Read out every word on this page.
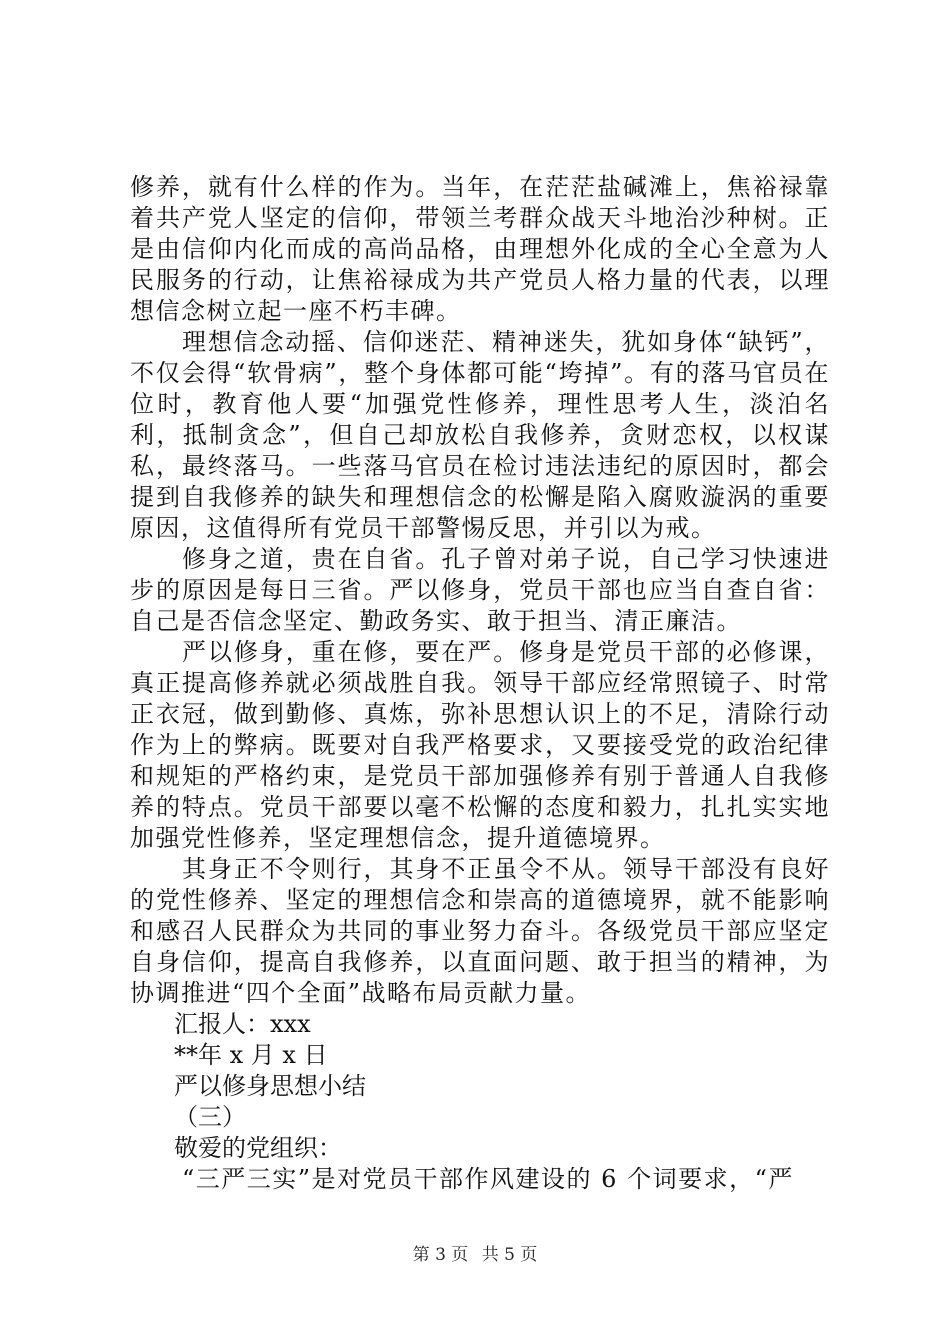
修养，就有什么样的作为。当年，在茫茫盐碱滩上，焦裕禄靠着共产党人坚定的信仰，带领兰考群众战天斗地治沙种树。正是由信仰内化而成的高尚品格，由理想外化成的全心全意为人民服务的行动，让焦裕禄成为共产党员人格力量的代表，以理想信念树立起一座不朽丰碑。

理想信念动摇、信仰迷茫、精神迷失，犹如身体“缺钙”，不仅会得“软骨病”，整个身体都可能“垮掉”。有的落马官员在位时，教育他人要“加强党性修养，理性思考人生，淡泊名利，抵制贪念”，但自己却放松自我修养，贪财恋权，以权谋私，最终落马。一些落马官员在检讨违法违纪的原因时，都会提到自我修养的缺失和理想信念的松懈是陷入腐败漩涡的重要原因，这值得所有党员干部警惕反思，并引以为戒。

修身之道，贵在自省。孔子曾对弟子说，自己学习快速进步的原因是每日三省。严以修身，党员干部也应当自查自省：自己是否信念坚定、勤政务实、敢于担当、清正廉洁。

严以修身，重在修，要在严。修身是党员干部的必修课，真正提高修养就必须战胜自我。领导干部应经常照镜子、时常正衣冠，做到勤修、真炼，弥补思想认识上的不足，清除行动作为上的弊病。既要对自我严格要求，又要接受党的政治纪律和规矩的严格约束，是党员干部加强修养有别于普通人自我修养的特点。党员干部要以毫不松懈的态度和毅力，扎扎实实地加强党性修养，坚定理想信念，提升道德境界。

其身正不令则行，其身不正虽令不从。领导干部没有良好的党性修养、坚定的理想信念和崇高的道德境界，就不能影响和感召人民群众为共同的事业努力奋斗。各级党员干部应坚定自身信仰，提高自我修养，以直面问题、敢于担当的精神，为协调推进“四个全面”战略布局贡献力量。

汇报人：xxx

**年 x 月 x 日

严以修身思想小结

（三）

敬爱的党组织：

“三严三实”是对党员干部作风建设的 6 个词要求，“严

第 3 页 共 5 页
